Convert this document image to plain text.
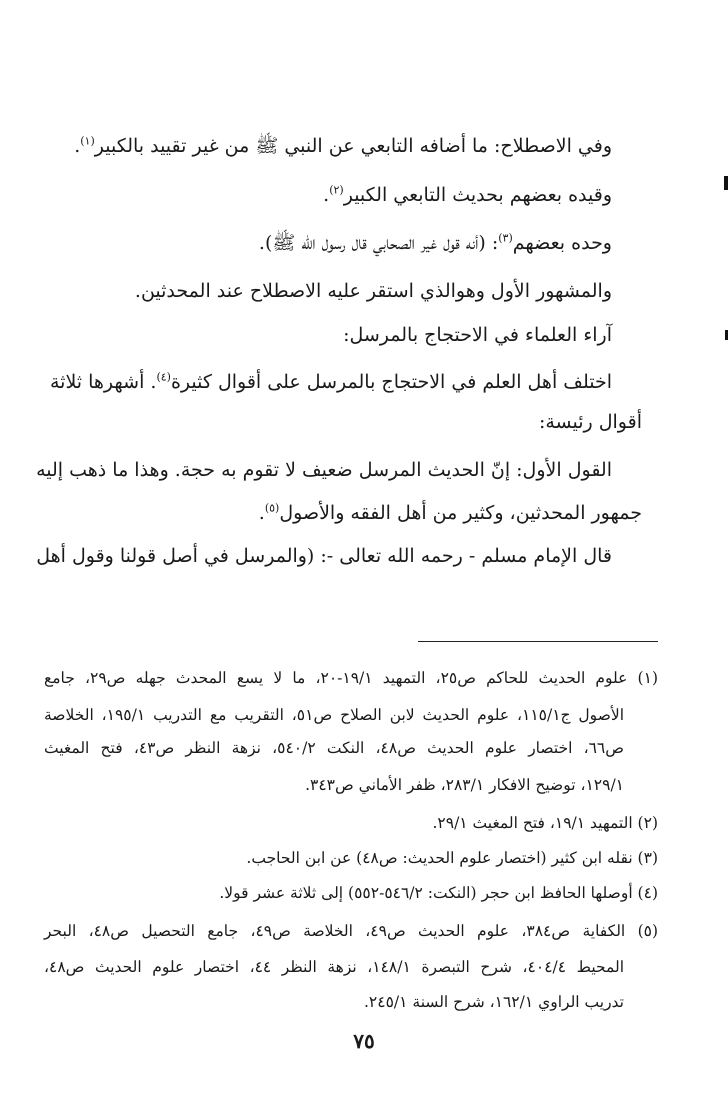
وفي الاصطلاح: ما أضافه التابعي عن النبي ﷺ من غير تقييد بالكبير$^{(١)}$.
وقيده بعضهم بحديث التابعي الكبير$^{(٢)}$.
وحده بعضهم$^{(٣)}$: (أنه قول غير الصحابي قال رسول الله ﷺ).
والمشهور الأول وهوالذي استقر عليه الاصطلاح عند المحدثين.
آراء العلماء في الاحتجاج بالمرسل:
اختلف أهل العلم في الاحتجاج بالمرسل على أقوال كثيرة$^{(٤)}$. أشهرها ثلاثة
أقوال رئيسة:
القول الأول: إنّ الحديث المرسل ضعيف لا تقوم به حجة. وهذا ما ذهب إليه
جمهور المحدثين، وكثير من أهل الفقه والأصول$^{(٥)}$.
قال الإمام مسلم - رحمه الله تعالى -: (والمرسل في أصل قولنا وقول أهل
(١) علوم الحديث للحاكم ص٢٥، التمهيد ١٩/١-٢٠، ما لا يسع المحدث جهله ص٢٩، جامع
الأصول ج١١٥/١، علوم الحديث لابن الصلاح ص٥١، التقريب مع التدريب ١٩٥/١، الخلاصة
ص٦٦، اختصار علوم الحديث ص٤٨، النكت ٥٤٠/٢، نزهة النظر ص٤٣، فتح المغيث
١٢٩/١، توضيح الافكار ٢٨٣/١، ظفر الأماني ص٣٤٣.
(٢) التمهيد ١٩/١، فتح المغيث ٢٩/١.
(٣) نقله ابن كثير (اختصار علوم الحديث: ص٤٨) عن ابن الحاجب.
(٤) أوصلها الحافظ ابن حجر (النكت: ٥٤٦/٢-٥٥٢) إلى ثلاثة عشر قولا.
(٥) الكفاية ص٣٨٤، علوم الحديث ص٤٩، الخلاصة ص٤٩، جامع التحصيل ص٤٨، البحر
المحيط ٤٠٤/٤، شرح التبصرة ١٤٨/١، نزهة النظر ٤٤، اختصار علوم الحديث ص٤٨،
تدريب الراوي ١٦٢/١، شرح السنة ٢٤٥/١.
٧٥
